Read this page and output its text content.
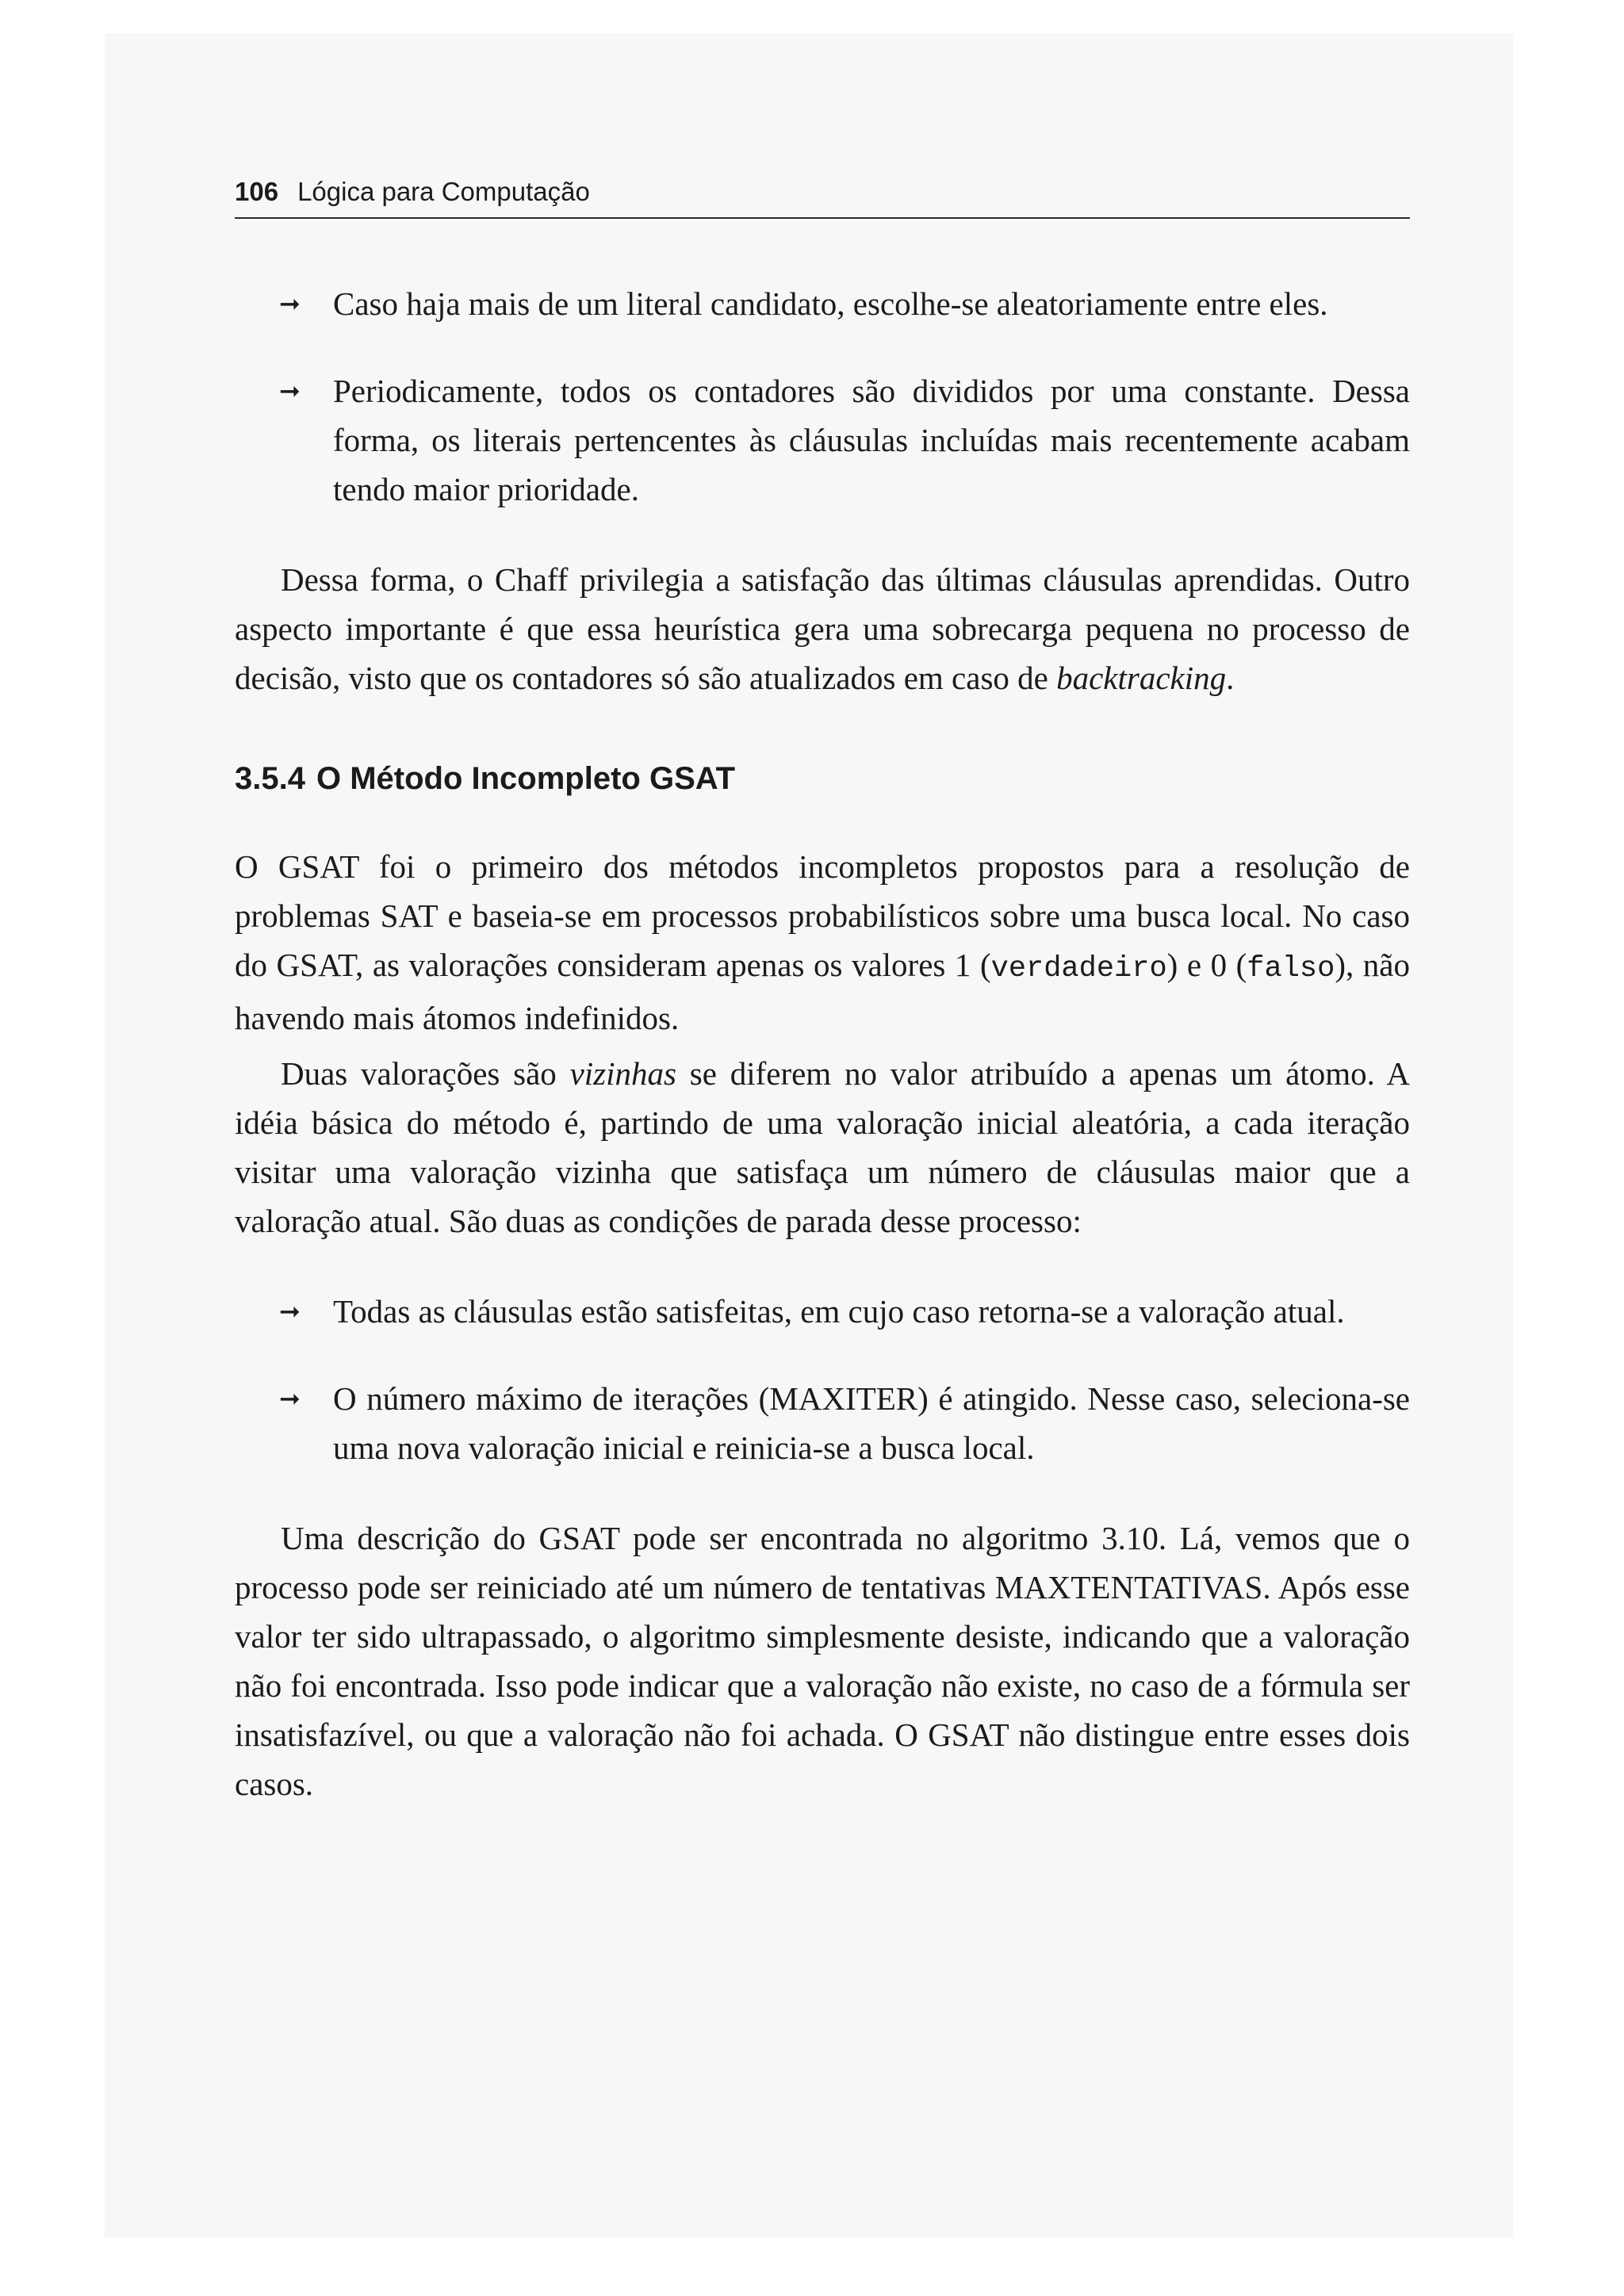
106 Lógica para Computação
➞ Caso haja mais de um literal candidato, escolhe-se aleatoriamente entre eles.
➞ Periodicamente, todos os contadores são divididos por uma constante. Dessa forma, os literais pertencentes às cláusulas incluídas mais recentemente acabam tendo maior prioridade.

Dessa forma, o Chaff privilegia a satisfação das últimas cláusulas aprendidas. Outro aspecto importante é que essa heurística gera uma sobrecarga pequena no processo de decisão, visto que os contadores só são atualizados em caso de backtracking.

3.5.4 O Método Incompleto GSAT

O GSAT foi o primeiro dos métodos incompletos propostos para a resolução de problemas SAT e baseia-se em processos probabilísticos sobre uma busca local. No caso do GSAT, as valorações consideram apenas os valores 1 (verdadeiro) e 0 (falso), não havendo mais átomos indefinidos.

Duas valorações são vizinhas se diferem no valor atribuído a apenas um átomo. A idéia básica do método é, partindo de uma valoração inicial aleatória, a cada iteração visitar uma valoração vizinha que satisfaça um número de cláusulas maior que a valoração atual. São duas as condições de parada desse processo:

➞ Todas as cláusulas estão satisfeitas, em cujo caso retorna-se a valoração atual.
➞ O número máximo de iterações (MAXITER) é atingido. Nesse caso, seleciona-se uma nova valoração inicial e reinicia-se a busca local.

Uma descrição do GSAT pode ser encontrada no algoritmo 3.10. Lá, vemos que o processo pode ser reiniciado até um número de tentativas MAXTENTATIVAS. Após esse valor ter sido ultrapassado, o algoritmo simplesmente desiste, indicando que a valoração não foi encontrada. Isso pode indicar que a valoração não existe, no caso de a fórmula ser insatisfazível, ou que a valoração não foi achada. O GSAT não distingue entre esses dois casos.
